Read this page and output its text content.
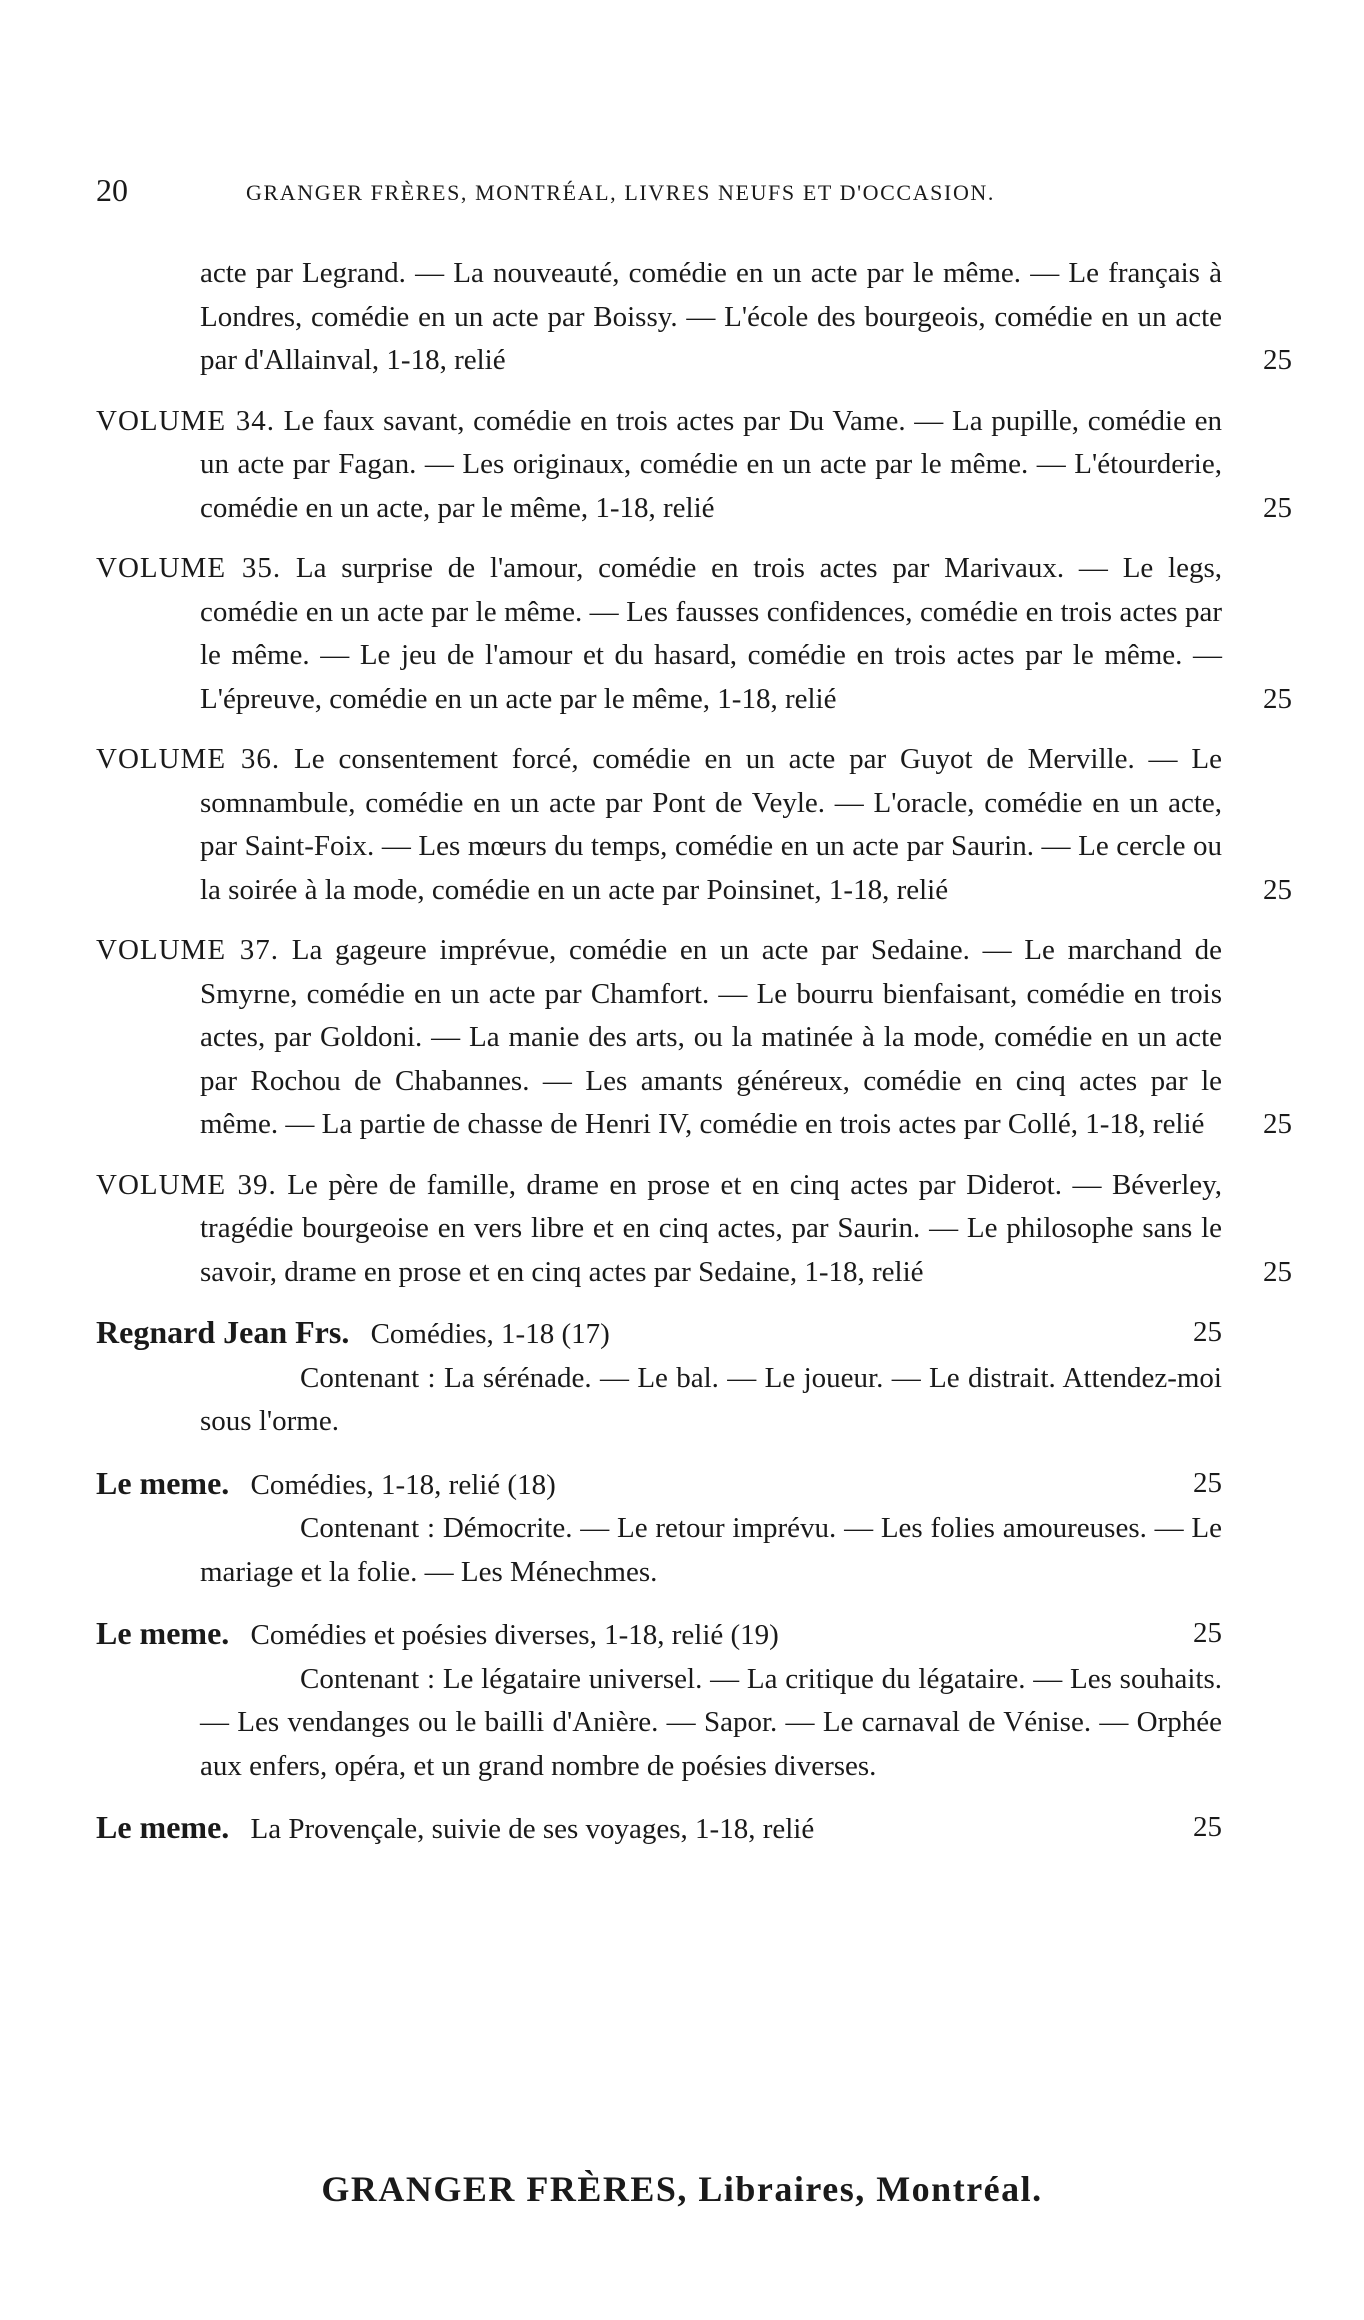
20	GRANGER FRÈRES, MONTRÉAL, LIVRES NEUFS ET D'OCCASION.
acte par Legrand. — La nouveauté, comédie en un acte par le même. — Le français à Londres, comédie en un acte par Boissy. — L'école des bourgeois, comédie en un acte par d'Allainval, 1-18, relié	25
VOLUME 34. Le faux savant, comédie en trois actes par Du Vame. — La pupille, comédie en un acte par Fagan. — Les originaux, comédie en un acte par le même. — L'étourderie, comédie en un acte, par le même, 1-18, relié	25
VOLUME 35. La surprise de l'amour, comédie en trois actes par Marivaux. — Le legs, comédie en un acte par le même. — Les fausses confidences, comédie en trois actes par le même. — Le jeu de l'amour et du hasard, comédie en trois actes par le même. — L'épreuve, comédie en un acte par le même, 1-18, relié	25
VOLUME 36. Le consentement forcé, comédie en un acte par Guyot de Merville. — Le somnambule, comédie en un acte par Pont de Veyle. — L'oracle, comédie en un acte, par Saint-Foix. — Les mœurs du temps, comédie en un acte par Saurin. — Le cercle ou la soirée à la mode, comédie en un acte par Poinsinet, 1-18, relié	25
VOLUME 37. La gageure imprévue, comédie en un acte par Sedaine. — Le marchand de Smyrne, comédie en un acte par Chamfort. — Le bourru bienfaisant, comédie en trois actes, par Goldoni. — La manie des arts, ou la matinée à la mode, comédie en un acte par Rochou de Chabannes. — Les amants généreux, comédie en cinq actes par le même. — La partie de chasse de Henri IV, comédie en trois actes par Collé, 1-18, relié 25
VOLUME 39. Le père de famille, drame en prose et en cinq actes par Diderot. — Béverley, tragédie bourgeoise en vers libre et en cinq actes, par Saurin. — Le philosophe sans le savoir, drame en prose et en cinq actes par Sedaine, 1-18, relié	25
Regnard Jean Frs. Comédies, 1-18 (17)	25
Contenant : La sérénade. — Le bal. — Le joueur. — Le distrait. Attendez-moi sous l'orme.
Le meme. Comédies, 1-18, relié (18)	25
Contenant : Démocrite. — Le retour imprévu. — Les folies amoureuses. — Le mariage et la folie. — Les Ménechmes.
Le meme. Comédies et poésies diverses, 1-18, relié (19)	25
Contenant : Le légataire universel. — La critique du légataire. — Les souhaits. — Les vendanges ou le bailli d'Anière. — Sapor. — Le carnaval de Vénise. — Orphée aux enfers, opéra, et un grand nombre de poésies diverses.
Le meme. La Provençale, suivie de ses voyages, 1-18, relié	25
GRANGER FRÈRES, Libraires, Montréal.
